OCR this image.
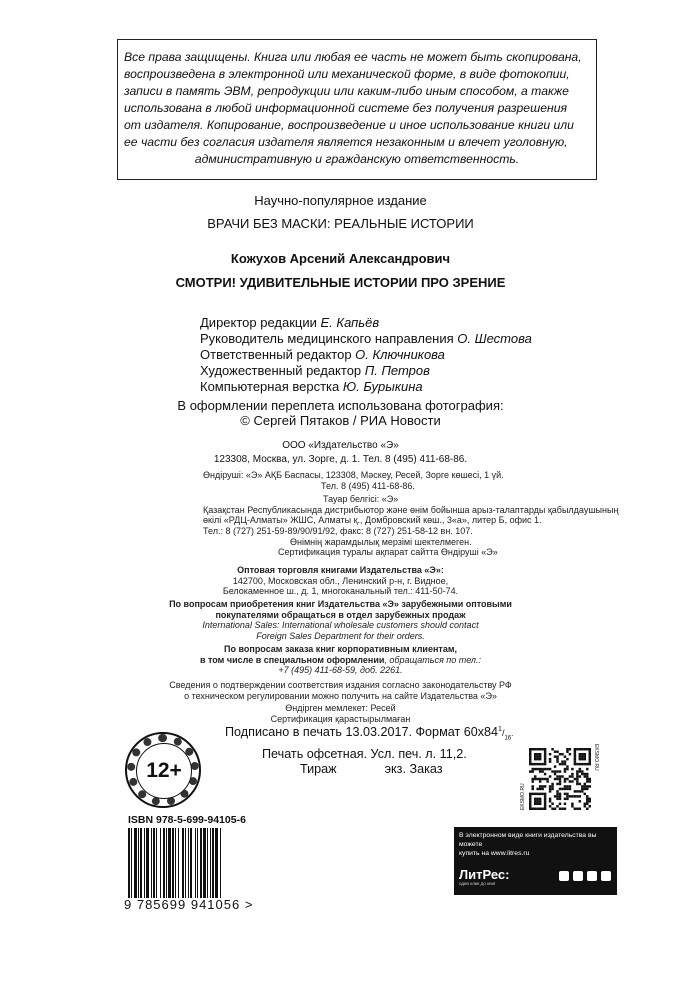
Все права защищены. Книга или любая ее часть не может быть скопирована,
воспроизведена в электронной или механической форме, в виде фотокопии,
записи в память ЭВМ, репродукции или каким-либо иным способом, а также
использована в любой информационной системе без получения разрешения
от издателя. Копирование, воспроизведение и иное использование книги или
ее части без согласия издателя является незаконным и влечет уголовную,
административную и гражданскую ответственность.
Научно-популярное издание
ВРАЧИ БЕЗ МАСКИ: РЕАЛЬНЫЕ ИСТОРИИ
Кожухов Арсений Александрович
СМОТРИ! УДИВИТЕЛЬНЫЕ ИСТОРИИ ПРО ЗРЕНИЕ
Директор редакции Е. Капьёв
Руководитель медицинского направления О. Шестова
Ответственный редактор О. Ключникова
Художественный редактор П. Петров
Компьютерная верстка Ю. Бурыкина
В оформлении переплета использована фотография:
© Сергей Пятаков / РИА Новости
ООО «Издательство «Э»
123308, Москва, ул. Зорге, д. 1. Тел. 8 (495) 411-68-86.
Өндіруші: «Э» АҚБ Баспасы, 123308, Мәскеу, Ресей, Зорге көшесі, 1 үй.
Тел. 8 (495) 411-68-86.
Тауар белгісі: «Э»
Қазақстан Республикасында дистрибьютор және өнім бойынша арыз-талаптарды қабылдаушының
өкілі «РДЦ-Алматы» ЖШС, Алматы қ., Домбровский көш., 3«а», литер Б, офис 1.
Тел.: 8 (727) 251-59-89/90/91/92, факс: 8 (727) 251-58-12 вн. 107.
Өнімнің жарамдылық мерзімі шектелмеген.
Сертификация туралы ақпарат сайтта Өндіруші «Э»
Оптовая торговля книгами Издательства «Э»:
142700, Московская обл., Ленинский р-н, г. Видное,
Белокаменное ш., д. 1, многоканальный тел.: 411-50-74.
По вопросам приобретения книг Издательства «Э» зарубежными оптовыми
покупателями обращаться в отдел зарубежных продаж
International Sales: International wholesale customers should contact
Foreign Sales Department for their orders.
По вопросам заказа книг корпоративным клиентам,
в том числе в специальном оформлении, обращаться по тел.:
+7 (495) 411-68-59, доб. 2261.
Сведения о подтверждении соответствия издания согласно законодательству РФ
о техническом регулировании можно получить на сайте Издательства «Э»
Өндірген мемлекет: Ресей
Сертификация қарастырылмаған
Подписано в печать 13.03.2017. Формат $60x84^1/_{16}$.
Печать офсетная. Усл. печ. л. 11,2.
Тираж	экз. Заказ
12+
ISBN 978-5-699-94105-6
9 785699 941056 >
EKSMO.RU
EKSMO.RU
В электронном виде книги издательства вы можете
купить на www.litres.ru
ЛитРес:
один клик до книг
